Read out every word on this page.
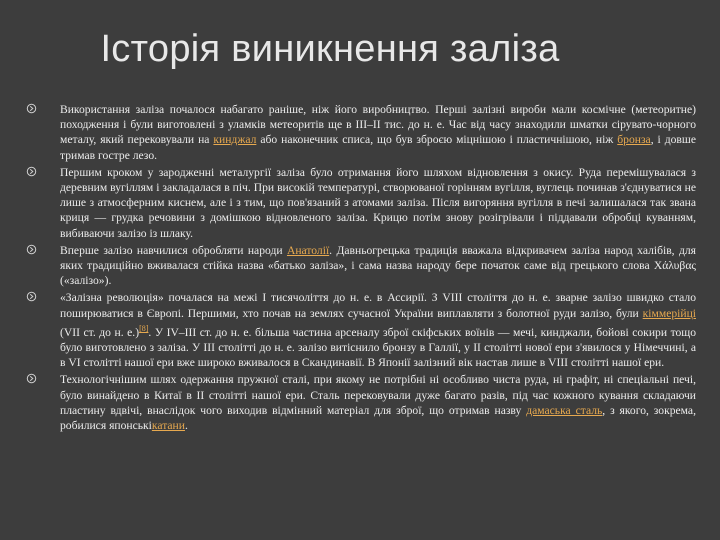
Історія виникнення заліза
Використання заліза почалося набагато раніше, ніж його виробництво. Перші залізні вироби мали космічне (метеоритне) походження і були виготовлені з уламків метеоритів ще в III–II тис. до н. е. Час від часу знаходили шматки сірувато-чорного металу, який перековували на кинджал або наконечник списа, що був зброєю міцнішою і пластичнішою, ніж бронза, і довше тримав гостре лезо.
Першим кроком у зародженні металургії заліза було отримання його шляхом відновлення з окису. Руда перемішувалася з деревним вугіллям і закладалася в піч. При високій температурі, створюваної горінням вугілля, вуглець починав з'єднуватися не лише з атмосферним киснем, але і з тим, що пов'язаний з атомами заліза. Після вигоряння вугілля в печі залишалася так звана криця — грудка речовини з домішкою відновленого заліза. Крицю потім знову розігрівали і піддавали обробці куванням, вибиваючи залізо із шлаку.
Вперше залізо навчилися обробляти народи Анатолії. Давньогрецька традиція вважала відкривачем заліза народ халібів, для яких традиційно вживалася стійка назва «батько заліза», і сама назва народу бере початок саме від грецького слова Χάλυβας («залізо»).
«Залізна революція» почалася на межі I тисячоліття до н. е. в Ассирії. З VIII століття до н. е. зварне залізо швидко стало поширюватися в Європі. Першими, хто почав на землях сучасної України виплавляти з болотної руди залізо, були кіммерійці (VII ст. до н. е.)[8]. У IV–III ст. до н. е. більша частина арсеналу зброї скіфських воїнів — мечі, кинджали, бойові сокири тощо було виготовлено з заліза. У III столітті до н. е. залізо витіснило бронзу в Галлії, у II столітті нової ери з'явилося у Німеччині, а в VI столітті нашої ери вже широко вживалося в Скандинавії. В Японії залізний вік настав лише в VIII столітті нашої ери.
Технологічнішим шлях одержання пружної сталі, при якому не потрібні ні особливо чиста руда, ні графіт, ні спеціальні печі, було винайдено в Китаї в II столітті нашої ери. Сталь перековували дуже багато разів, під час кожного кування складаючи пластину вдвічі, внаслідок чого виходив відмінний матеріал для зброї, що отримав назву дамаська сталь, з якого, зокрема, робилися японськікатани.
